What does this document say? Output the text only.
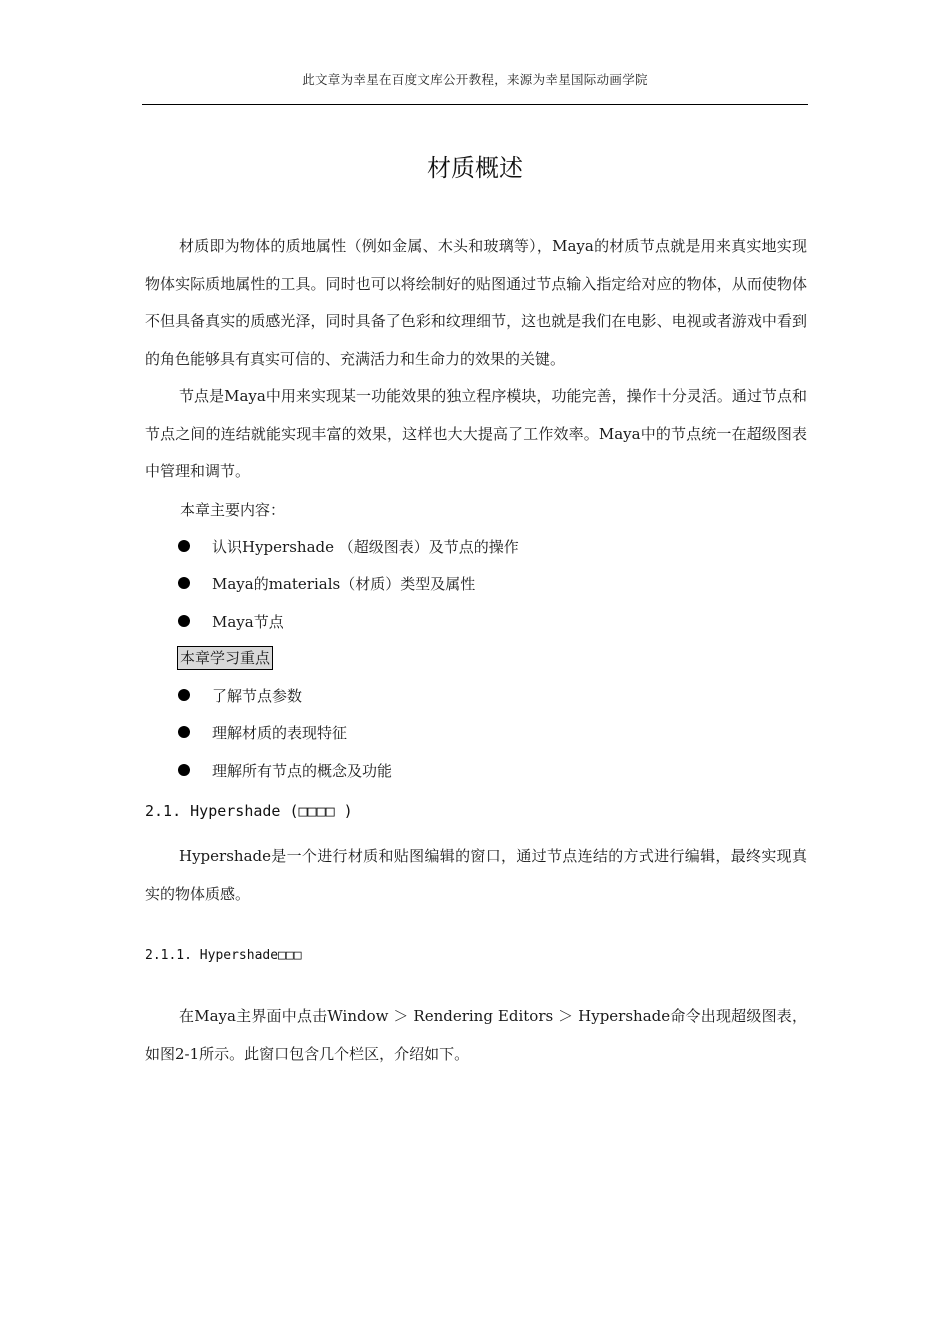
此文章为幸星在百度文库公开教程，来源为幸星国际动画学院
材质概述

材质即为物体的质地属性（例如金属、木头和玻璃等），Maya的材质节点就是用来真实地实现物体实际质地属性的工具。同时也可以将绘制好的贴图通过节点输入指定给对应的物体，从而使物体不但具备真实的质感光泽，同时具备了色彩和纹理细节，这也就是我们在电影、电视或者游戏中看到的角色能够具有真实可信的、充满活力和生命力的效果的关键。

节点是Maya中用来实现某一功能效果的独立程序模块，功能完善，操作十分灵活。通过节点和节点之间的连结就能实现丰富的效果，这样也大大提高了工作效率。Maya中的节点统一在超级图表中管理和调节。

本章主要内容：
认识Hypershade （超级图表）及节点的操作
Maya的materials（材质）类型及属性
Maya节点
本章学习重点
了解节点参数
理解材质的表现特征
理解所有节点的概念及功能
2.1. Hypershade (□□□□ )

Hypershade是一个进行材质和贴图编辑的窗口，通过节点连结的方式进行编辑，最终实现真实的物体质感。

2.1.1. Hypershade□□□

在Maya主界面中点击Window ＞ Rendering Editors ＞ Hypershade命令出现超级图表，如图2-1所示。此窗口包含几个栏区，介绍如下。
